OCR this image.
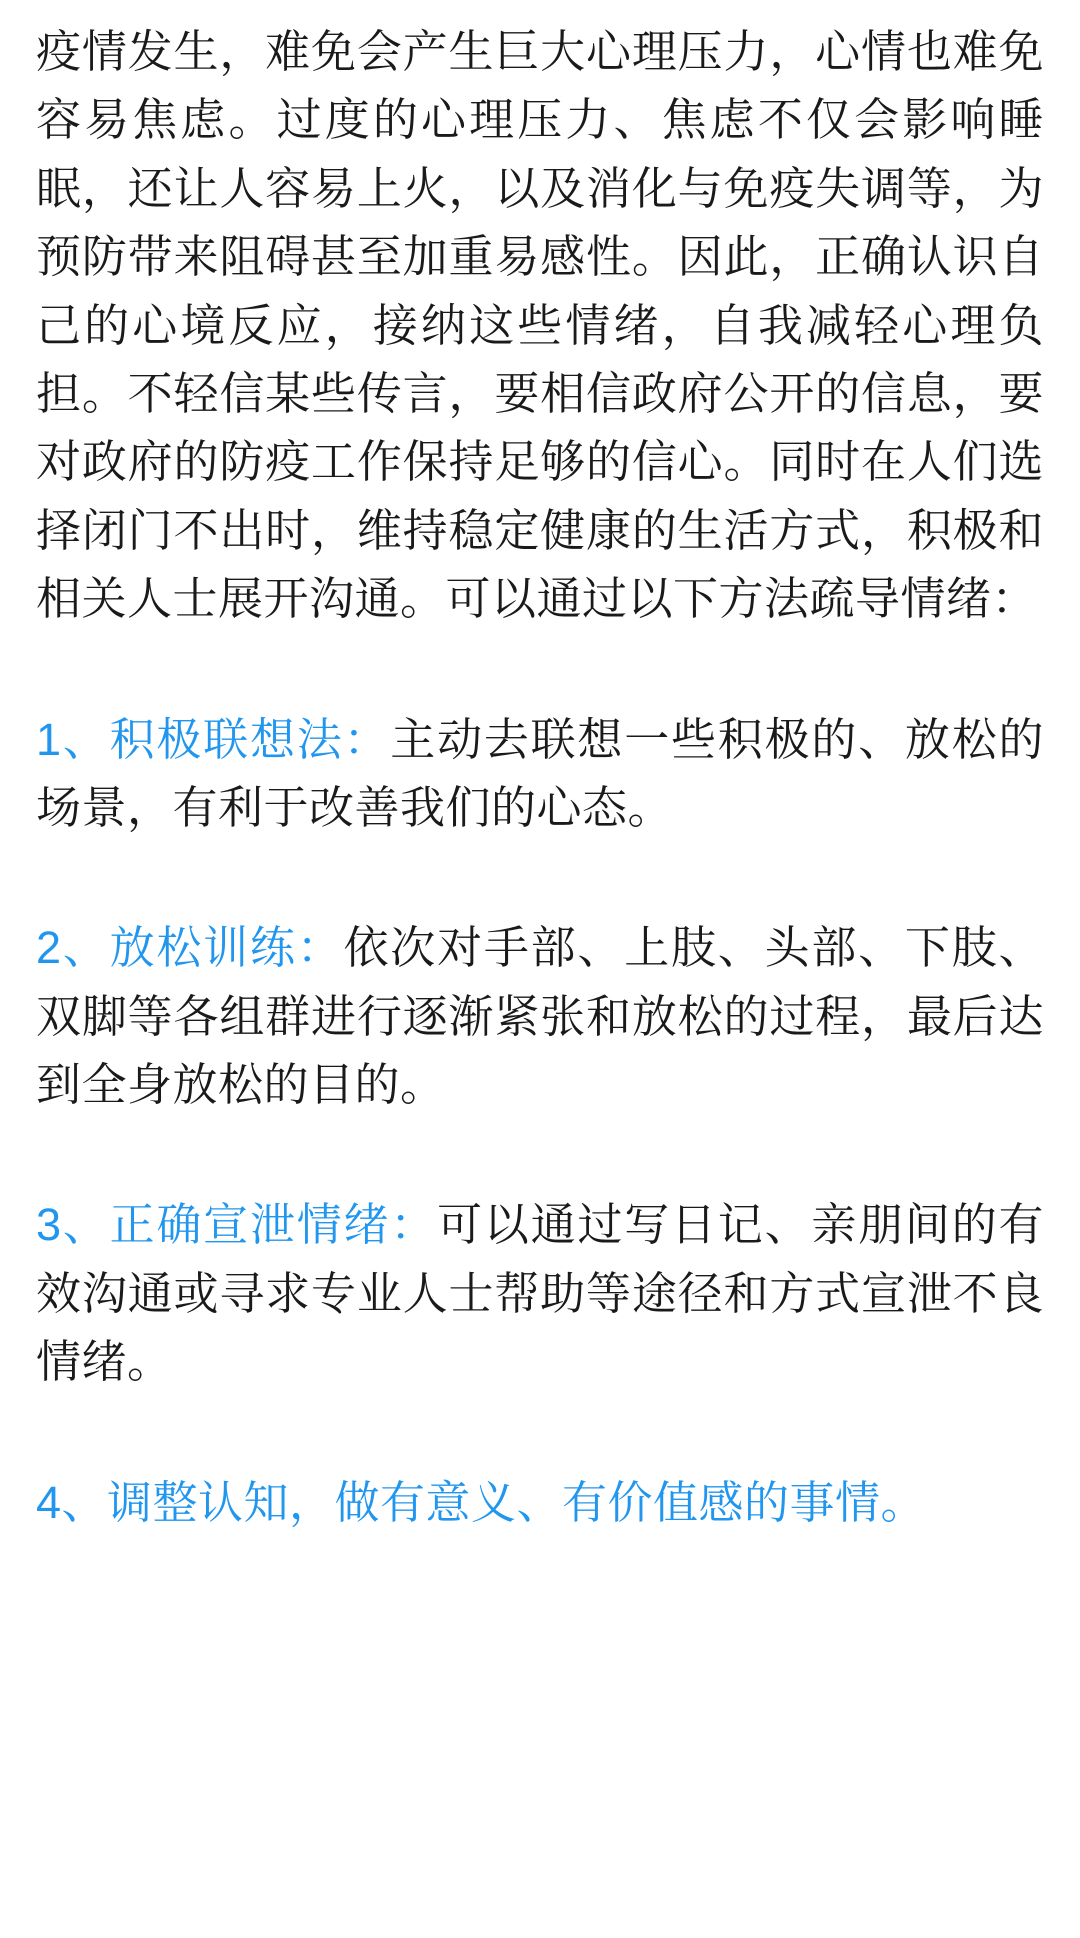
疫情发生，难免会产生巨大心理压力，心情也难免容易焦虑。过度的心理压力、焦虑不仅会影响睡眠，还让人容易上火，以及消化与免疫失调等，为预防带来阻碍甚至加重易感性。因此，正确认识自己的心境反应，接纳这些情绪，自我减轻心理负担。不轻信某些传言，要相信政府公开的信息，要对政府的防疫工作保持足够的信心。同时在人们选择闭门不出时，维持稳定健康的生活方式，积极和相关人士展开沟通。可以通过以下方法疏导情绪：

1、积极联想法：主动去联想一些积极的、放松的场景，有利于改善我们的心态。

2、放松训练：依次对手部、上肢、头部、下肢、双脚等各组群进行逐渐紧张和放松的过程，最后达到全身放松的目的。

3、正确宣泄情绪：可以通过写日记、亲朋间的有效沟通或寻求专业人士帮助等途径和方式宣泄不良情绪。

4、调整认知，做有意义、有价值感的事情。
